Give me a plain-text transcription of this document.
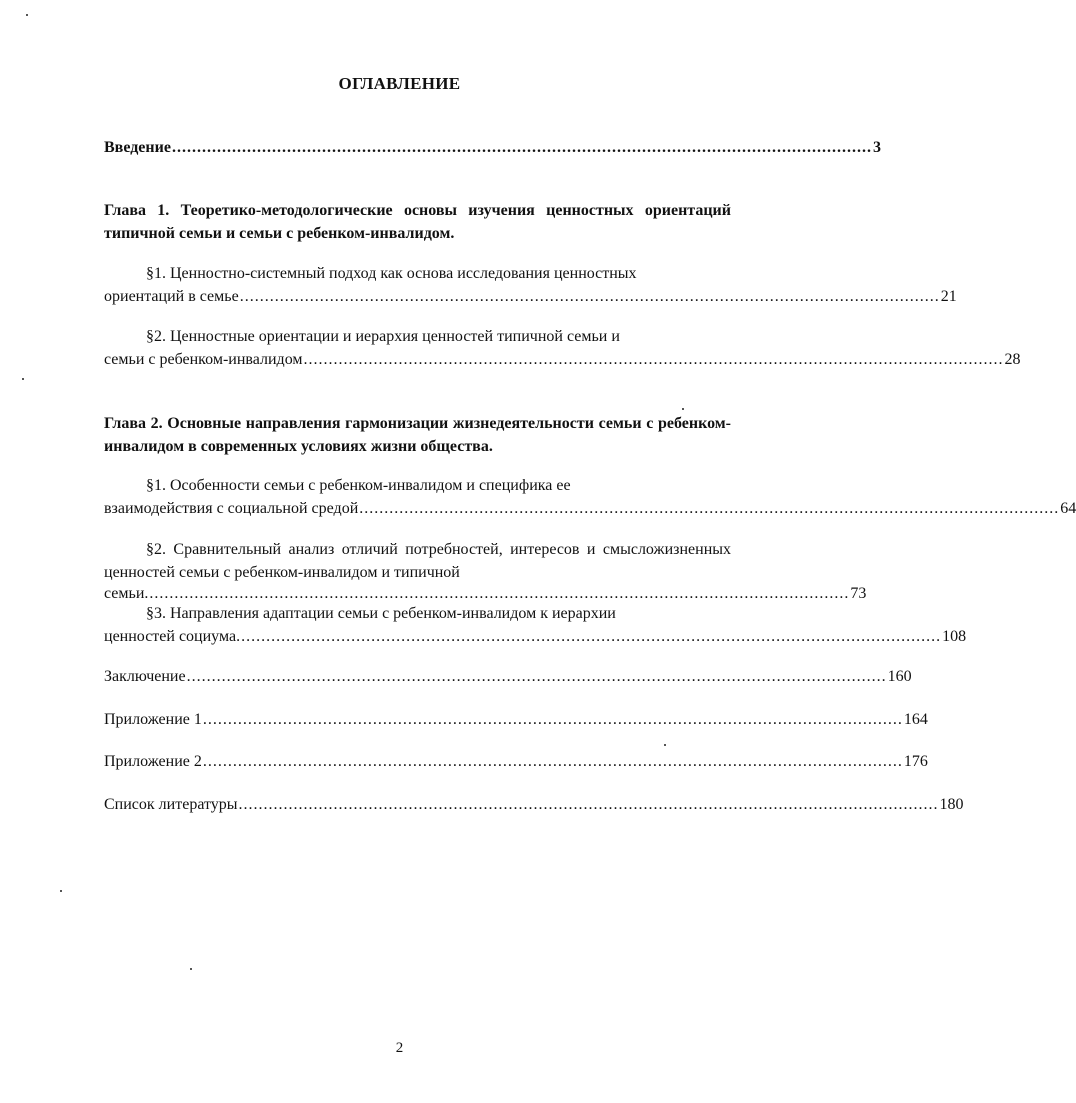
ОГЛАВЛЕНИЕ
Введение ............................................................................................................................................ 3
Глава 1. Теоретико-методологические основы изучения ценностных ориентаций типичной семьи и семьи с ребенком-инвалидом.
§1. Ценностно-системный подход как основа исследования ценностных
ориентаций в семье ............................................................................................................................................ 21
§2. Ценностные ориентации и иерархия ценностей типичной семьи и
семьи с ребенком-инвалидом ............................................................................................................................................ 28
Глава 2. Основные направления гармонизации жизнедеятельности семьи с ребенком-инвалидом в современных условиях жизни общества.
§1. Особенности семьи с ребенком-инвалидом и специфика ее
взаимодействия с социальной средой ............................................................................................................................................ 64
§2. Сравнительный анализ отличий потребностей, интересов и смысложизненных ценностей семьи с ребенком-инвалидом и типичной
семьи. ............................................................................................................................................ 73
§3. Направления адаптации семьи с ребенком-инвалидом к иерархии
ценностей социума. ............................................................................................................................................ 108
Заключение ............................................................................................................................................ 160
Приложение 1 ............................................................................................................................................ 164
Приложение 2 ............................................................................................................................................ 176
Список литературы ............................................................................................................................................ 180
2
